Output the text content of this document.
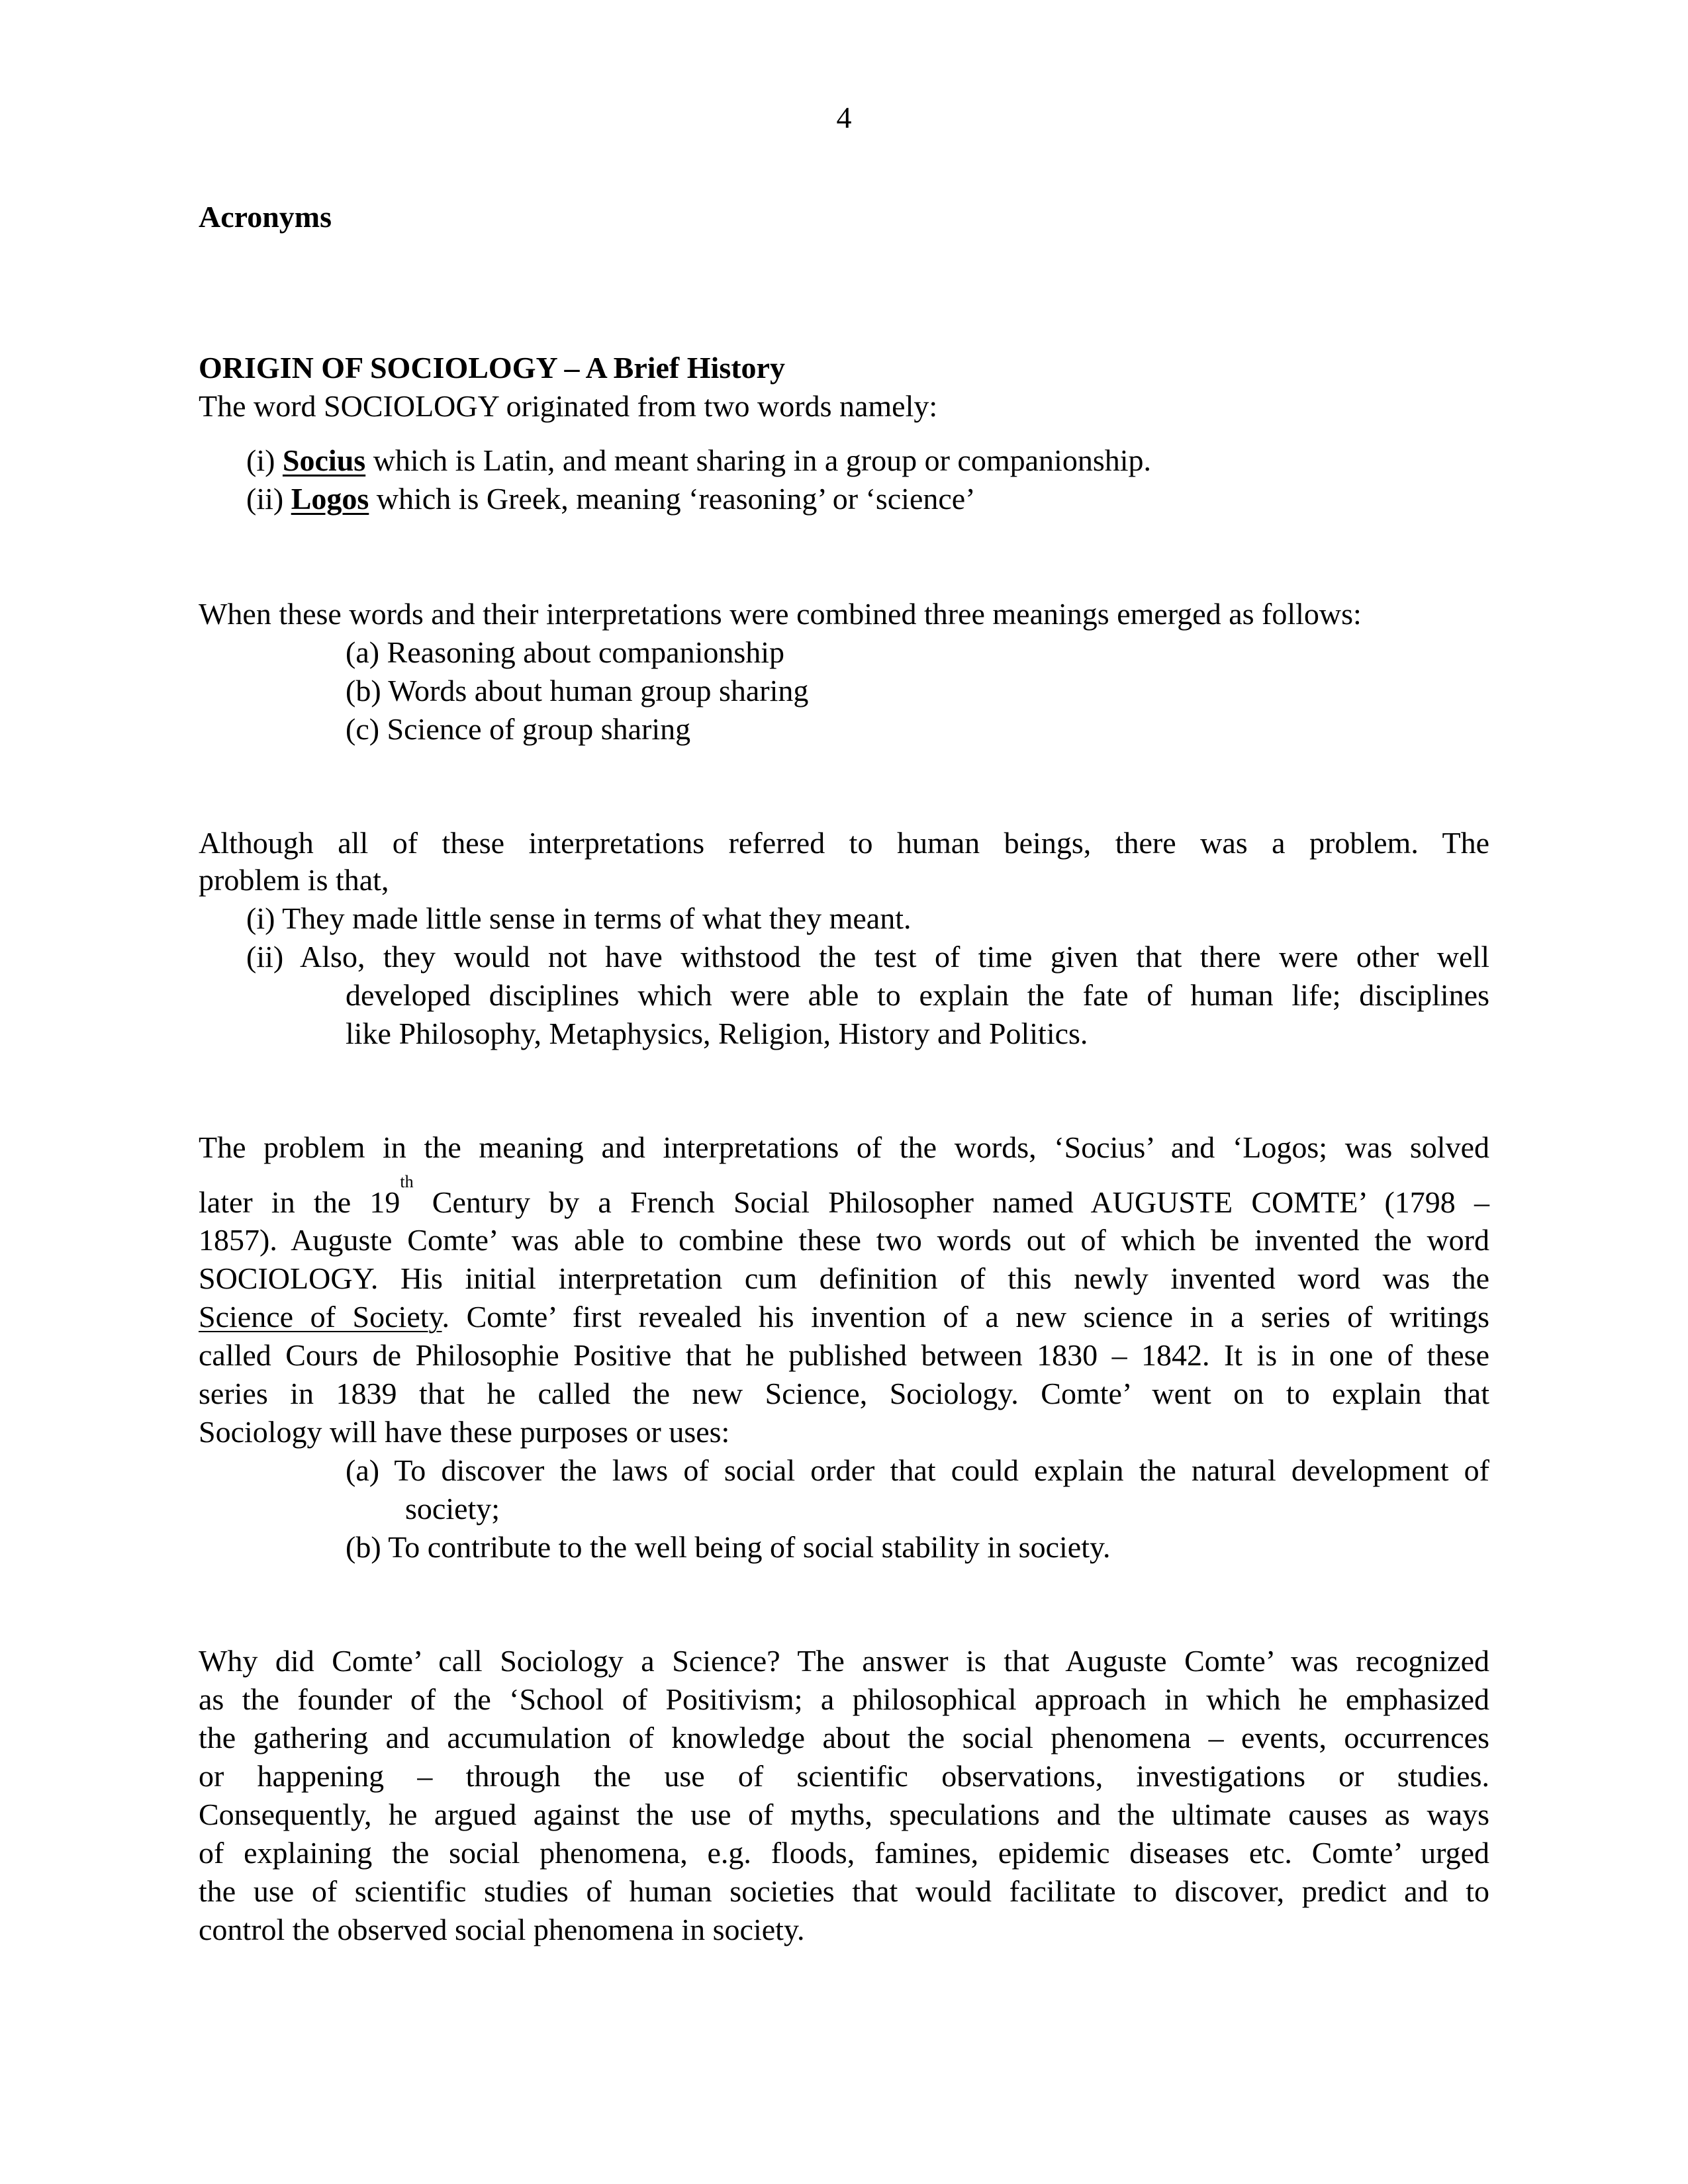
4
Acronyms
ORIGIN OF SOCIOLOGY – A Brief History
The word SOCIOLOGY originated from two words namely:
(i) Socius which is Latin, and meant sharing in a group or companionship.
(ii) Logos which is Greek, meaning ‘reasoning’ or ‘science’
When these words and their interpretations were combined three meanings emerged as follows:
(a) Reasoning about companionship
(b) Words about human group sharing
(c) Science of group sharing
Although all of these interpretations referred to human beings, there was a problem. The
problem is that,
(i) They made little sense in terms of what they meant.
(ii) Also, they would not have withstood the test of time given that there were other well
developed disciplines which were able to explain the fate of human life; disciplines
like Philosophy, Metaphysics, Religion, History and Politics.
The problem in the meaning and interpretations of the words, ‘Socius’ and ‘Logos; was solved
later in the 19th Century by a French Social Philosopher named AUGUSTE COMTE’ (1798 –
1857). Auguste Comte’ was able to combine these two words out of which be invented the word
SOCIOLOGY. His initial interpretation cum definition of this newly invented word was the
Science of Society. Comte’ first revealed his invention of a new science in a series of writings
called Cours de Philosophie Positive that he published between 1830 – 1842. It is in one of these
series in 1839 that he called the new Science, Sociology. Comte’ went on to explain that
Sociology will have these purposes or uses:
(a) To discover the laws of social order that could explain the natural development of
society;
(b) To contribute to the well being of social stability in society.
Why did Comte’ call Sociology a Science? The answer is that Auguste Comte’ was recognized
as the founder of the ‘School of Positivism; a philosophical approach in which he emphasized
the gathering and accumulation of knowledge about the social phenomena – events, occurrences
or happening – through the use of scientific observations, investigations or studies.
Consequently, he argued against the use of myths, speculations and the ultimate causes as ways
of explaining the social phenomena, e.g. floods, famines, epidemic diseases etc. Comte’ urged
the use of scientific studies of human societies that would facilitate to discover, predict and to
control the observed social phenomena in society.
